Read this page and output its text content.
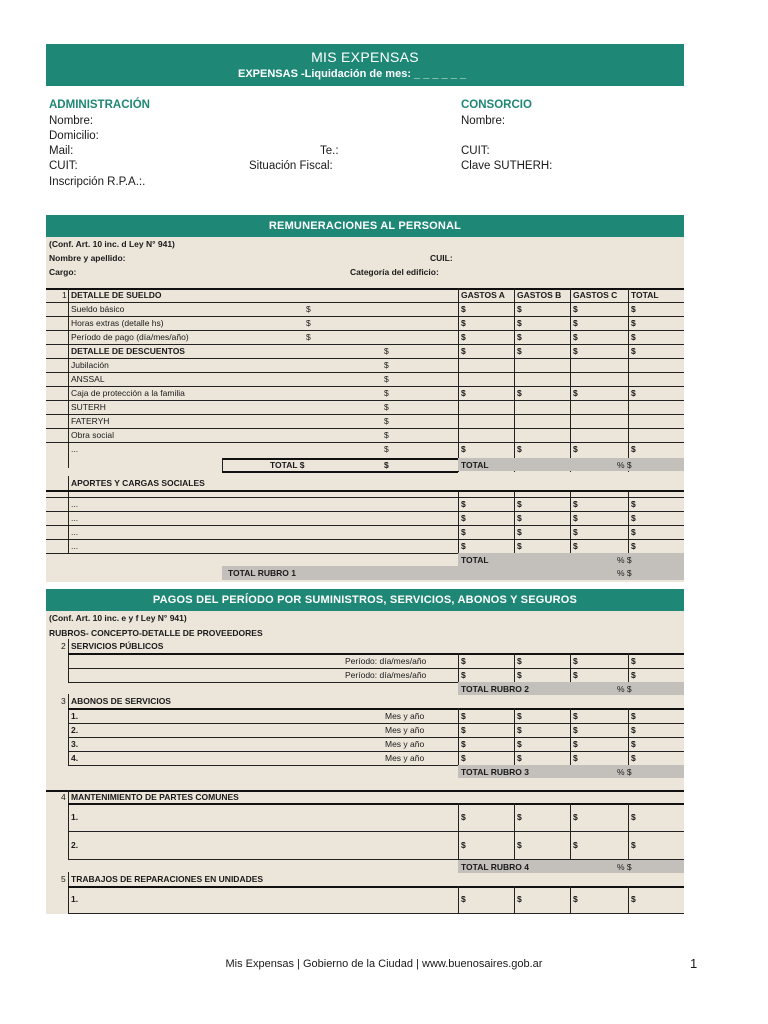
MIS EXPENSAS
EXPENSAS -Liquidación de mes: _ _ _ _ _ _
ADMINISTRACIÓN
Nombre:
Domicilio:
Mail:	Te.:
CUIT:	Situación Fiscal:
Inscripción R.P.A.:.
CONSORCIO
Nombre:
CUIT:
Clave SUTHERH:
REMUNERACIONES AL PERSONAL
(Conf. Art. 10 inc. d Ley N° 941)
Nombre y apellido:	CUIL:
Cargo:	Categoría del edificio:
1 DETALLE DE SUELDO	GASTOS A GASTOS B GASTOS C TOTAL
Sueldo básico	$	$	$	$	$
Horas extras (detalle hs)	$	$	$	$	$
Período de pago (día/mes/año)	$	$	$	$	$
DETALLE DE DESCUENTOS	$	$	$	$	$
Jubilación	$
ANSSAL	$
Caja de protección a la familia	$	$	$	$	$
SUTERH	$
FATERYH	$
Obra social	$
...	$	$	$	$	$
TOTAL $	$	TOTAL	% $
APORTES Y CARGAS SOCIALES
...	$	$	$	$
...	$	$	$	$
...	$	$	$	$
...	$	$	$	$
TOTAL	% $
TOTAL RUBRO 1	% $
PAGOS DEL PERÍODO POR SUMINISTROS, SERVICIOS, ABONOS Y SEGUROS
(Conf. Art. 10 inc. e y f Ley N° 941)
RUBROS- CONCEPTO-DETALLE DE PROVEEDORES
2 SERVICIOS PÚBLICOS
Período: día/mes/año	$	$	$	$
Período: día/mes/año	$	$	$	$
TOTAL RUBRO 2	% $
3 ABONOS DE SERVICIOS
1.	Mes y año	$	$	$	$
2.	Mes y año	$	$	$	$
3.	Mes y año	$	$	$	$
4.	Mes y año	$	$	$	$
TOTAL RUBRO 3	% $
4 MANTENIMIENTO DE PARTES COMUNES
1.	$	$	$	$
2.	$	$	$	$
TOTAL RUBRO 4	% $
5 TRABAJOS DE REPARACIONES EN UNIDADES
1.	$	$	$	$
Mis Expensas | Gobierno de la Ciudad | www.buenosaires.gob.ar	1
